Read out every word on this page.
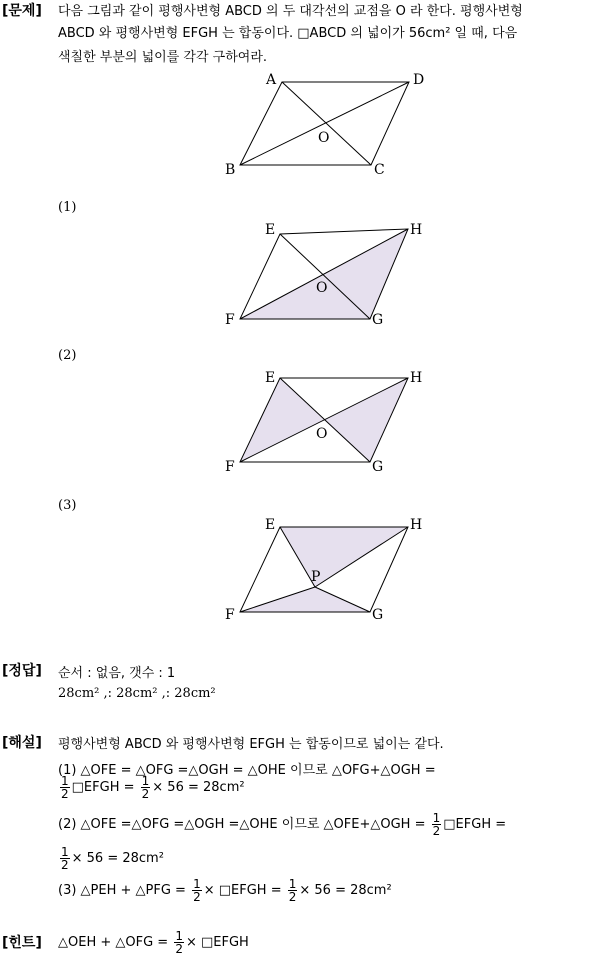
[문제] 다음 그림과 같이 평행사변형 ABCD 의 두 대각선의 교점을 O 라 한다. 평행사변형
ABCD 와 평행사변형 EFGH 는 합동이다. □ABCD 의 넓이가 56cm² 일 때, 다음
색칠한 부분의 넓이를 각각 구하여라.
A	D
B	C
O
(1)
E	H
F	G
O
(2)
E	H
F	G
O
(3)
E	H
F	G
P
[정답] 순서 : 없음, 갯수 : 1
28cm² ,: 28cm² ,: 28cm²
[해설] 평행사변형 ABCD 와 평행사변형 EFGH 는 합동이므로 넓이는 같다.
(1) △OFE = △OFG =△OGH = △OHE 이므로 △OFG+△OGH =
$\frac{1}{2}$ □EFGH = $\frac{1}{2} \times 56 = 28cm^2$
(2) △OFE =△OFG =△OGH =△OHE 이므로 △OFE+△OGH = $\frac{1}{2}$ □EFGH =
$\frac{1}{2} \times 56 = 28cm^2$
(3) △PEH + △PFG = $\frac{1}{2}$ × □EFGH = $\frac{1}{2} \times 56 = 28cm^2$
[힌트] △OEH + △OFG = $\frac{1}{2}$ × □EFGH
